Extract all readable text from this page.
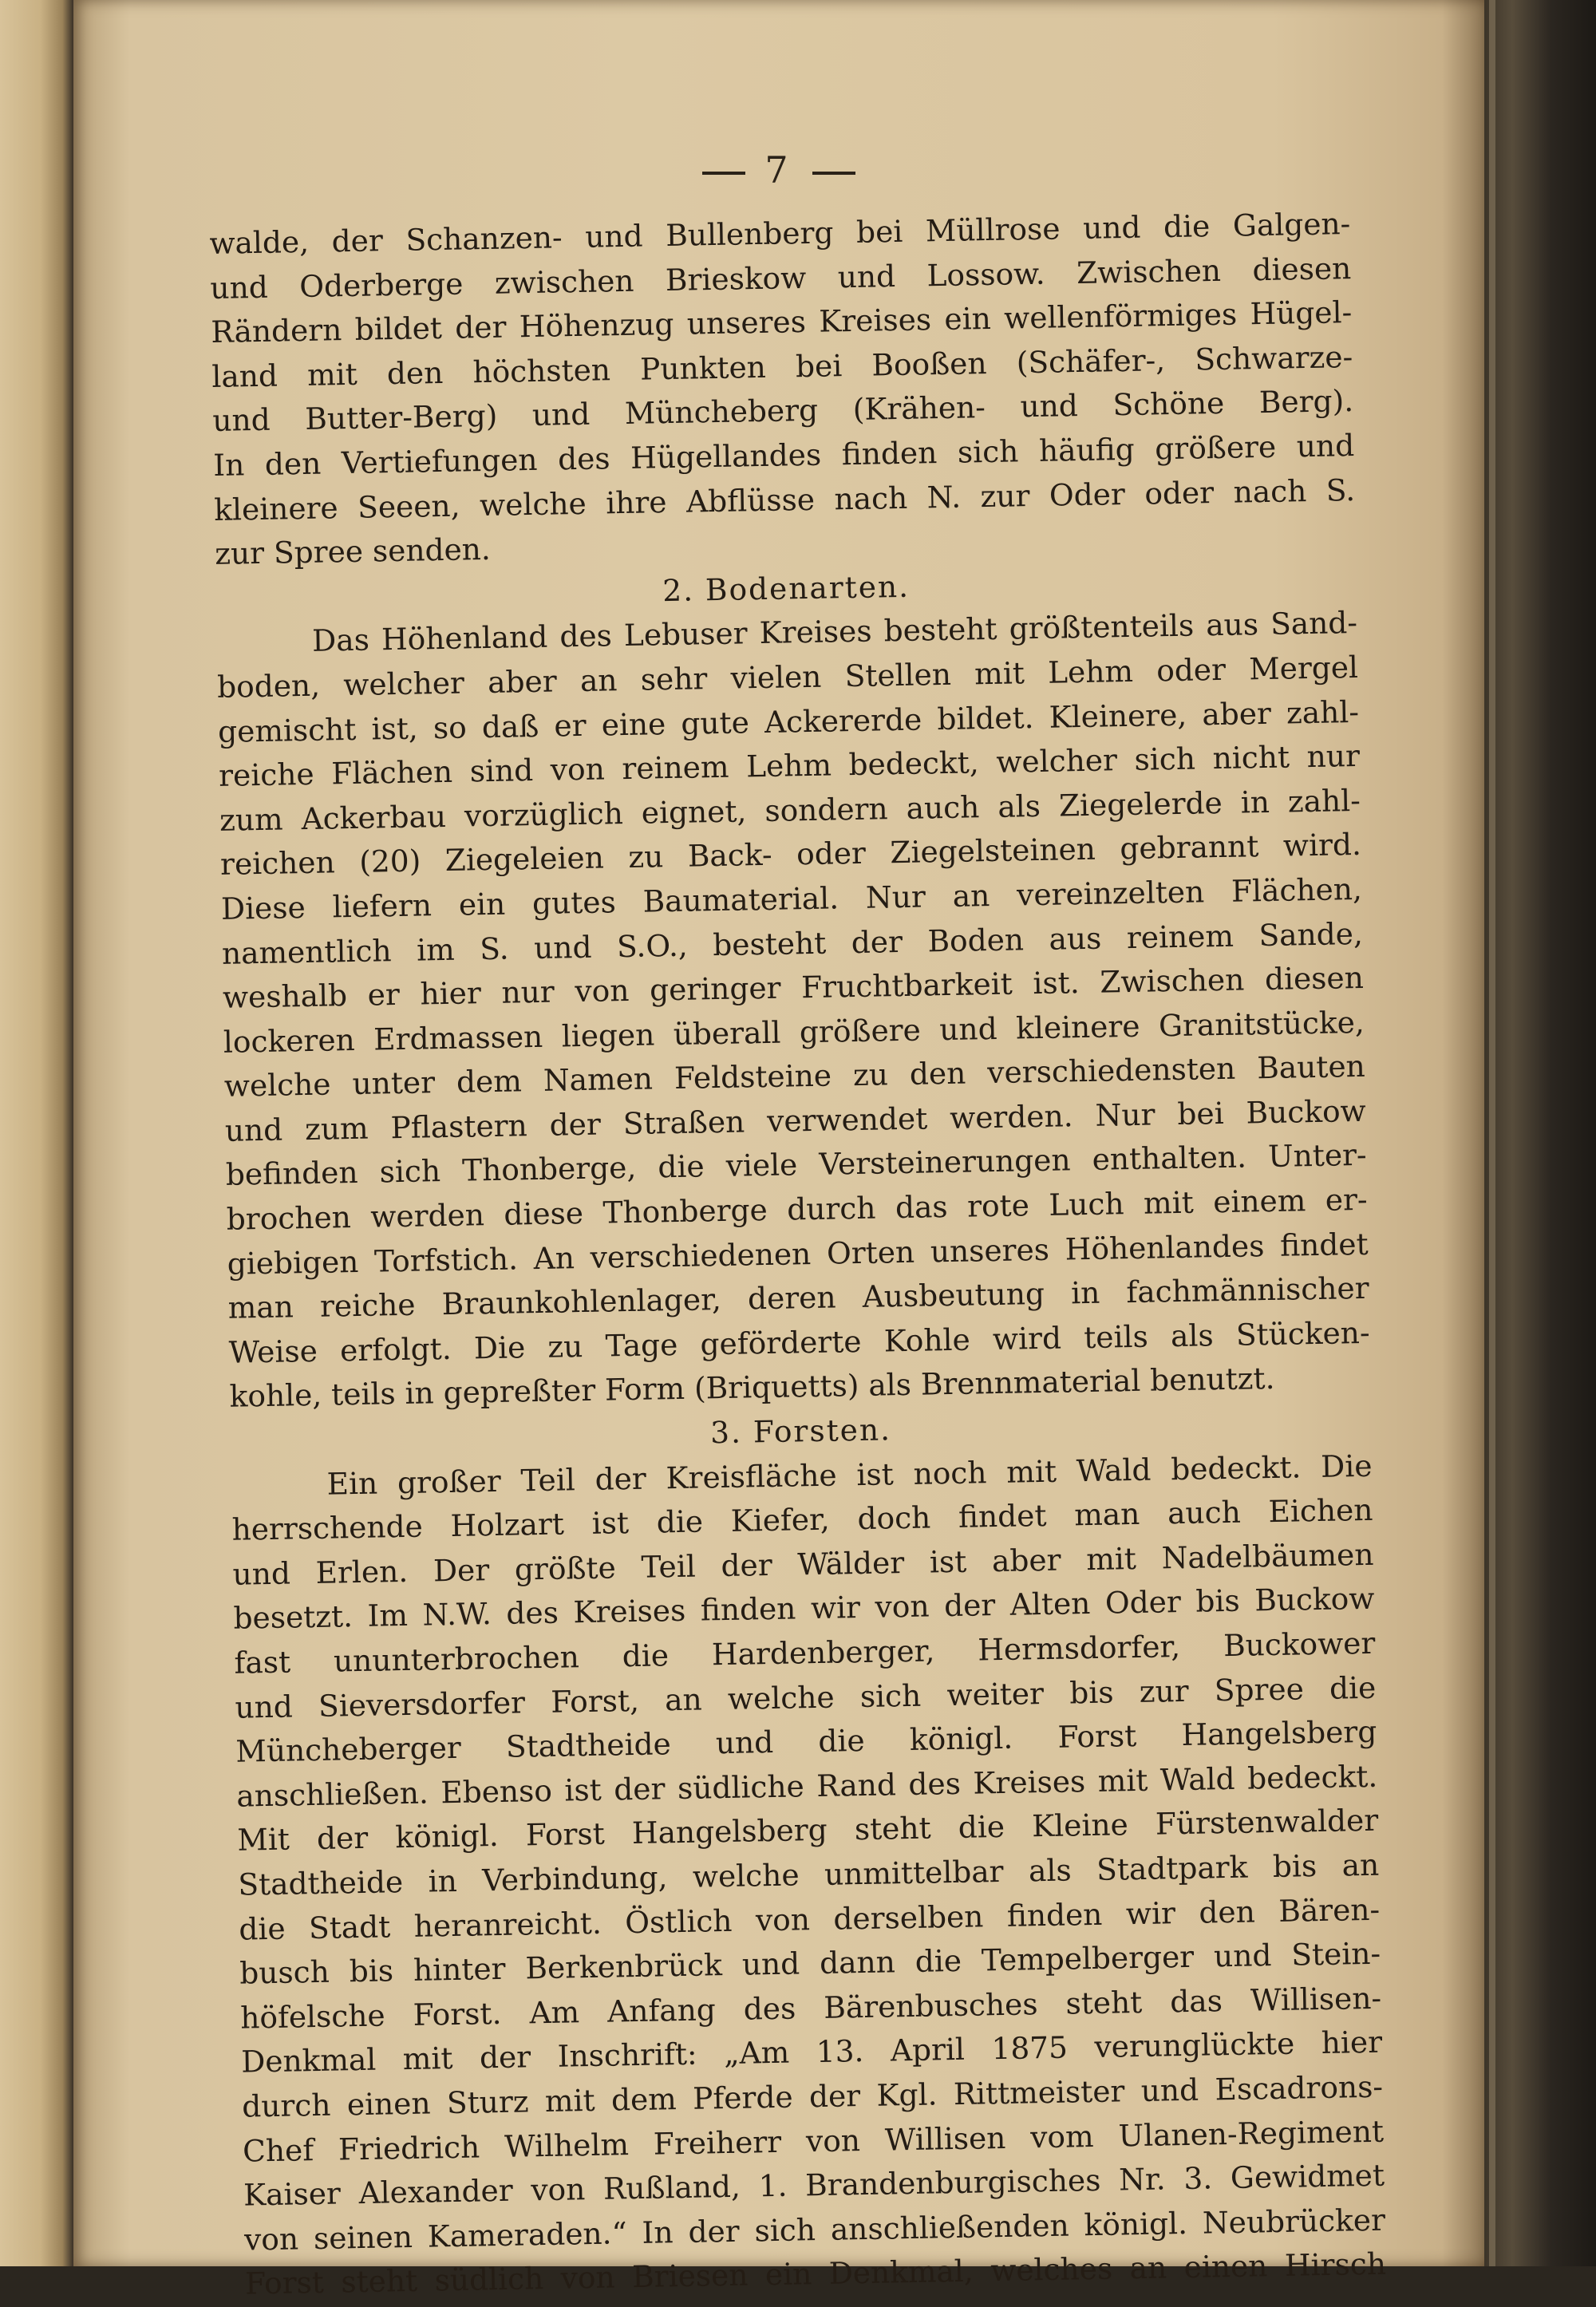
7
walde, der Schanzen- und Bullenberg bei Müllrose und die Galgen-
und Oderberge zwischen Brieskow und Lossow. Zwischen diesen
Rändern bildet der Höhenzug unseres Kreises ein wellenförmiges Hügel-
land mit den höchsten Punkten bei Booßen (Schäfer-, Schwarze-
und Butter-Berg) und Müncheberg (Krähen- und Schöne Berg).
In den Vertiefungen des Hügellandes finden sich häufig größere und
kleinere Seeen, welche ihre Abflüsse nach N. zur Oder oder nach S.
zur Spree senden.
2. Bodenarten.
Das Höhenland des Lebuser Kreises besteht größtenteils aus Sand-
boden, welcher aber an sehr vielen Stellen mit Lehm oder Mergel
gemischt ist, so daß er eine gute Ackererde bildet. Kleinere, aber zahl-
reiche Flächen sind von reinem Lehm bedeckt, welcher sich nicht nur
zum Ackerbau vorzüglich eignet, sondern auch als Ziegelerde in zahl-
reichen (20) Ziegeleien zu Back- oder Ziegelsteinen gebrannt wird.
Diese liefern ein gutes Baumaterial. Nur an vereinzelten Flächen,
namentlich im S. und S.O., besteht der Boden aus reinem Sande,
weshalb er hier nur von geringer Fruchtbarkeit ist. Zwischen diesen
lockeren Erdmassen liegen überall größere und kleinere Granitstücke,
welche unter dem Namen Feldsteine zu den verschiedensten Bauten
und zum Pflastern der Straßen verwendet werden. Nur bei Buckow
befinden sich Thonberge, die viele Versteinerungen enthalten. Unter-
brochen werden diese Thonberge durch das rote Luch mit einem er-
giebigen Torfstich. An verschiedenen Orten unseres Höhenlandes findet
man reiche Braunkohlenlager, deren Ausbeutung in fachmännischer
Weise erfolgt. Die zu Tage geförderte Kohle wird teils als Stücken-
kohle, teils in gepreßter Form (Briquetts) als Brennmaterial benutzt.
3. Forsten.
Ein großer Teil der Kreisfläche ist noch mit Wald bedeckt. Die
herrschende Holzart ist die Kiefer, doch findet man auch Eichen
und Erlen. Der größte Teil der Wälder ist aber mit Nadelbäumen
besetzt. Im N.W. des Kreises finden wir von der Alten Oder bis Buckow
fast ununterbrochen die Hardenberger, Hermsdorfer, Buckower
und Sieversdorfer Forst, an welche sich weiter bis zur Spree die
Müncheberger Stadtheide und die königl. Forst Hangelsberg
anschließen. Ebenso ist der südliche Rand des Kreises mit Wald bedeckt.
Mit der königl. Forst Hangelsberg steht die Kleine Fürstenwalder
Stadtheide in Verbindung, welche unmittelbar als Stadtpark bis an
die Stadt heranreicht. Östlich von derselben finden wir den Bären-
busch bis hinter Berkenbrück und dann die Tempelberger und Stein-
höfelsche Forst. Am Anfang des Bärenbusches steht das Willisen-
Denkmal mit der Inschrift: „Am 13. April 1875 verunglückte hier
durch einen Sturz mit dem Pferde der Kgl. Rittmeister und Escadrons-
Chef Friedrich Wilhelm Freiherr von Willisen vom Ulanen-Regiment
Kaiser Alexander von Rußland, 1. Brandenburgisches Nr. 3. Gewidmet
von seinen Kameraden.“ In der sich anschließenden königl. Neubrücker
Forst steht südlich von Briesen ein Denkmal, welches an einen Hirsch
